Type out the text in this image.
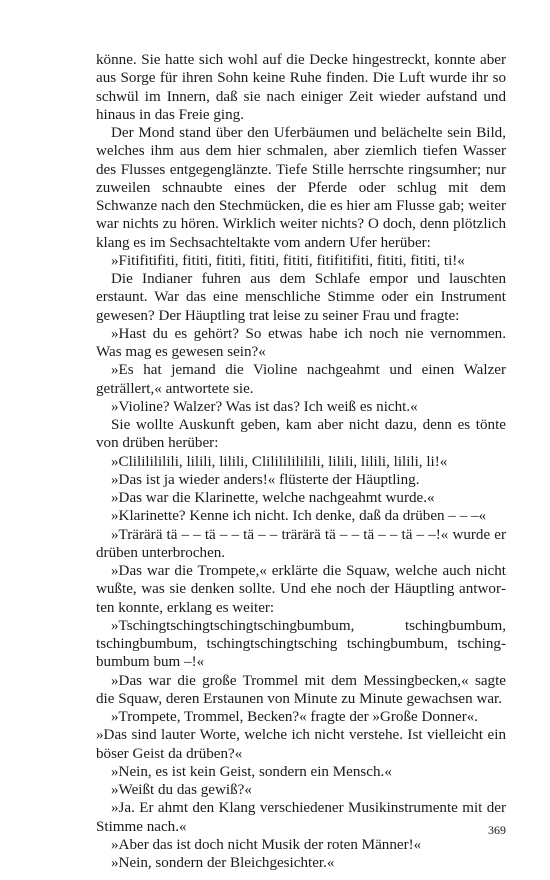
könne. Sie hatte sich wohl auf die Decke hingestreckt, konnte aber aus Sorge für ihren Sohn keine Ruhe finden. Die Luft wurde ihr so schwül im Innern, daß sie nach einiger Zeit wieder aufstand und hinaus in das Freie ging.

Der Mond stand über den Uferbäumen und belächelte sein Bild, welches ihm aus dem hier schmalen, aber ziemlich tiefen Wasser des Flusses entgegenglänzte. Tiefe Stille herrschte ringsumher; nur zuweilen schnaubte eines der Pferde oder schlug mit dem Schwanze nach den Stechmücken, die es hier am Flusse gab; weiter war nichts zu hören. Wirklich weiter nichts? O doch, denn plötzlich klang es im Sechsachteltakte vom andern Ufer herüber:

»Fitifitifiti, fititi, fititi, fititi, fititi, fitifitifiti, fititi, fititi, ti!«

Die Indianer fuhren aus dem Schlafe empor und lauschten erstaunt. War das eine menschliche Stimme oder ein Instrument gewesen? Der Häuptling trat leise zu seiner Frau und fragte:

»Hast du es gehört? So etwas habe ich noch nie vernommen. Was mag es gewesen sein?«

»Es hat jemand die Violine nachgeahmt und einen Walzer geträllert,« antwortete sie.

»Violine? Walzer? Was ist das? Ich weiß es nicht.«

Sie wollte Auskunft geben, kam aber nicht dazu, denn es tönte von drüben herüber:

»Clililililili, lilili, lilili, Clilililililili, lilili, lilili, lilili, li!«

»Das ist ja wieder anders!« flüsterte der Häuptling.

»Das war die Klarinette, welche nachgeahmt wurde.«

»Klarinette? Kenne ich nicht. Ich denke, daß da drüben – – –«

»Trärärä tä – – tä – – tä – – trärärä tä – – tä – – tä – –!« wurde er drüben unterbrochen.

»Das war die Trompete,« erklärte die Squaw, welche auch nicht wußte, was sie denken sollte. Und ehe noch der Häuptling antworten konnte, erklang es weiter:

»Tschingtschingtschingtschingbumbum, tschingbumbum, tschingbumbum, tschingtschingtsching tschingbumbum, tschingbumbum bum –!«

»Das war die große Trommel mit dem Messingbecken,« sagte die Squaw, deren Erstaunen von Minute zu Minute gewachsen war.

»Trompete, Trommel, Becken?« fragte der »Große Donner«.

»Das sind lauter Worte, welche ich nicht verstehe. Ist vielleicht ein böser Geist da drüben?«

»Nein, es ist kein Geist, sondern ein Mensch.«

»Weißt du das gewiß?«

»Ja. Er ahmt den Klang verschiedener Musikinstrumente mit der Stimme nach.«

»Aber das ist doch nicht Musik der roten Männer!«

»Nein, sondern der Bleichgesichter.«

369
